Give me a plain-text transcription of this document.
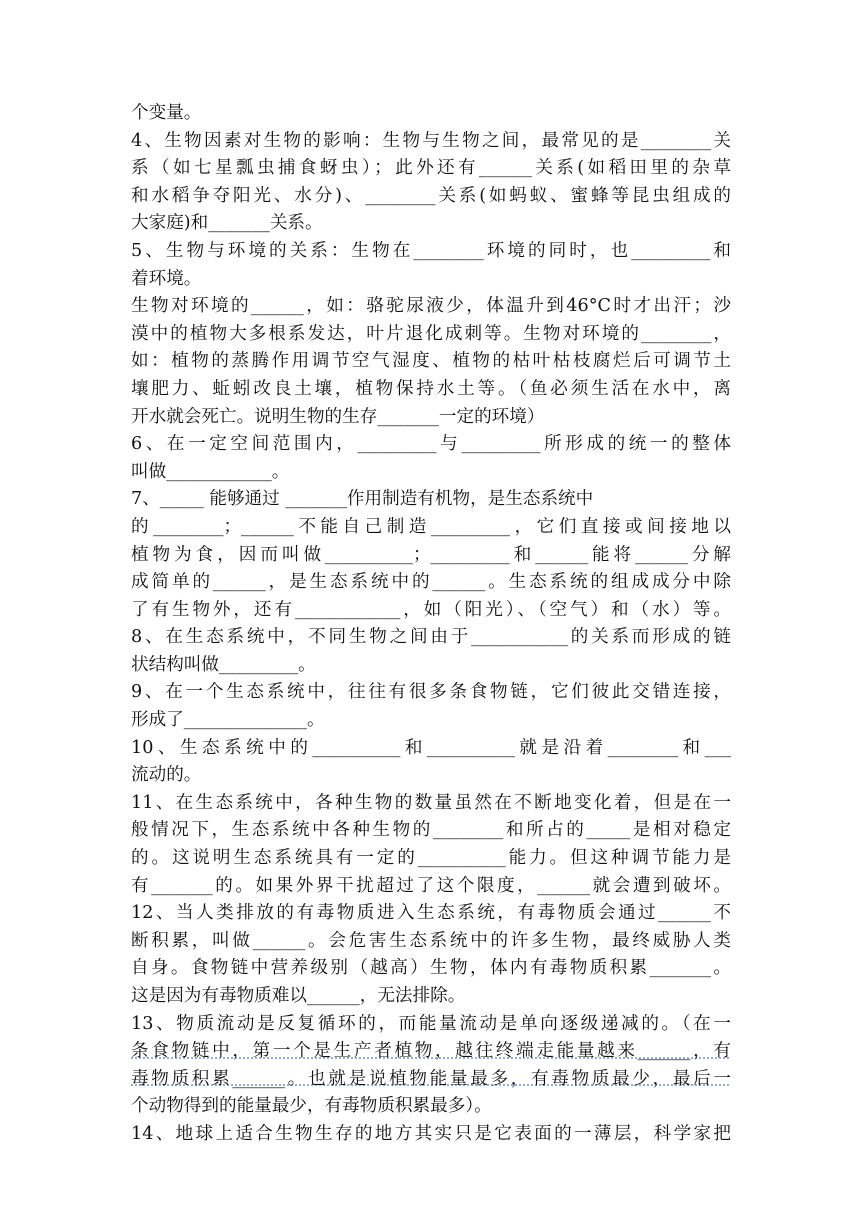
个变量。
4、生物因素对生物的影响：生物与生物之间，最常见的是________关
系（如七星瓢虫捕食蚜虫）；此外还有______关系(如稻田里的杂草
和水稻争夺阳光、水分)、________关系(如蚂蚁、蜜蜂等昆虫组成的
大家庭)和_______关系。
5、生物与环境的关系：生物在________环境的同时，也_________和
着环境。
生物对环境的______，如：骆驼尿液少，体温升到46°C时才出汗；沙
漠中的植物大多根系发达，叶片退化成刺等。生物对环境的________，
如：植物的蒸腾作用调节空气湿度、植物的枯叶枯枝腐烂后可调节土
壤肥力、蚯蚓改良土壤，植物保持水土等。（鱼必须生活在水中，离
开水就会死亡。说明生物的生存_______一定的环境）
6、在一定空间范围内，_________与_________所形成的统一的整体
叫做____________。
7、_____ 能够通过 _______作用制造有机物，是生态系统中
的________；______不能自己制造_________，它们直接或间接地以
植物为食，因而叫做__________；_________和______能将______分解
成简单的______，是生态系统中的______。生态系统的组成成分中除
了有生物外，还有____________，如（阳光）、（空气）和（水）等。
8、在生态系统中，不同生物之间由于___________的关系而形成的链
状结构叫做_________。
9、在一个生态系统中，往往有很多条食物链，它们彼此交错连接，
形成了______________。
10、生态系统中的__________和__________就是沿着________和___
流动的。
11、在生态系统中，各种生物的数量虽然在不断地变化着，但是在一
般情况下，生态系统中各种生物的________和所占的_____是相对稳定
的。这说明生态系统具有一定的__________能力。但这种调节能力是
有_______的。如果外界干扰超过了这个限度，______就会遭到破坏。
12、当人类排放的有毒物质进入生态系统，有毒物质会通过______不
断积累，叫做______。会危害生态系统中的许多生物，最终威胁人类
自身。食物链中营养级别（越高）生物，体内有毒物质积累_______。
这是因为有毒物质难以______，无法排除。
13、物质流动是反复循环的，而能量流动是单向逐级递减的。（在一
条食物链中，第一个是生产者植物，越往终端走能量越来______，有
毒物质积累______。也就是说植物能量最多，有毒物质最少，最后一
个动物得到的能量最少，有毒物质积累最多）。
14、地球上适合生物生存的地方其实只是它表面的一薄层，科学家把
